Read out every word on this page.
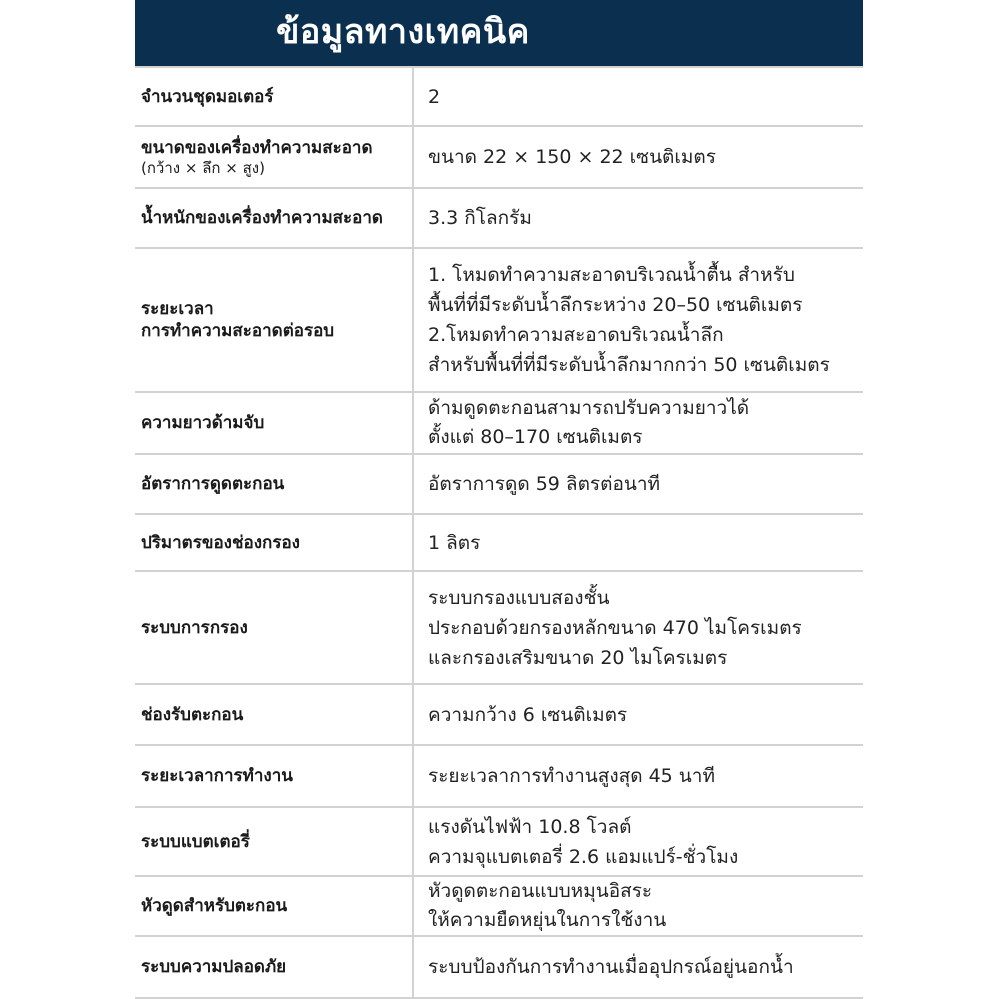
ข้อมูลทางเทคนิค
จำนวนชุดมอเตอร์	2

ขนาดของเครื่องทำความสะอาด
(กว้าง × ลึก × สูง)	ขนาด 22 × 150 × 22 เซนติเมตร

น้ำหนักของเครื่องทำความสะอาด	3.3 กิโลกรัม

ระยะเวลา
การทำความสะอาดต่อรอบ	1. โหมดทำความสะอาดบริเวณน้ำตื้น สำหรับ
พื้นที่ที่มีระดับน้ำลึกระหว่าง 20–50 เซนติเมตร
2.โหมดทำความสะอาดบริเวณน้ำลึก
สำหรับพื้นที่ที่มีระดับน้ำลึกมากกว่า 50 เซนติเมตร

ความยาวด้ามจับ	ด้ามดูดตะกอนสามารถปรับความยาวได้
ตั้งแต่ 80–170 เซนติเมตร

อัตราการดูดตะกอน	อัตราการดูด 59 ลิตรต่อนาที

ปริมาตรของช่องกรอง	1 ลิตร

ระบบการกรอง	ระบบกรองแบบสองชั้น
ประกอบด้วยกรองหลักขนาด 470 ไมโครเมตร
และกรองเสริมขนาด 20 ไมโครเมตร

ช่องรับตะกอน	ความกว้าง 6 เซนติเมตร

ระยะเวลาการทำงาน	ระยะเวลาการทำงานสูงสุด 45 นาที

ระบบแบตเตอรี่	แรงดันไฟฟ้า 10.8 โวลต์
ความจุแบตเตอรี่ 2.6 แอมแปร์-ชั่วโมง

หัวดูดสำหรับตะกอน	หัวดูดตะกอนแบบหมุนอิสระ
ให้ความยืดหยุ่นในการใช้งาน

ระบบความปลอดภัย	ระบบป้องกันการทำงานเมื่ออุปกรณ์อยู่นอกน้ำ
